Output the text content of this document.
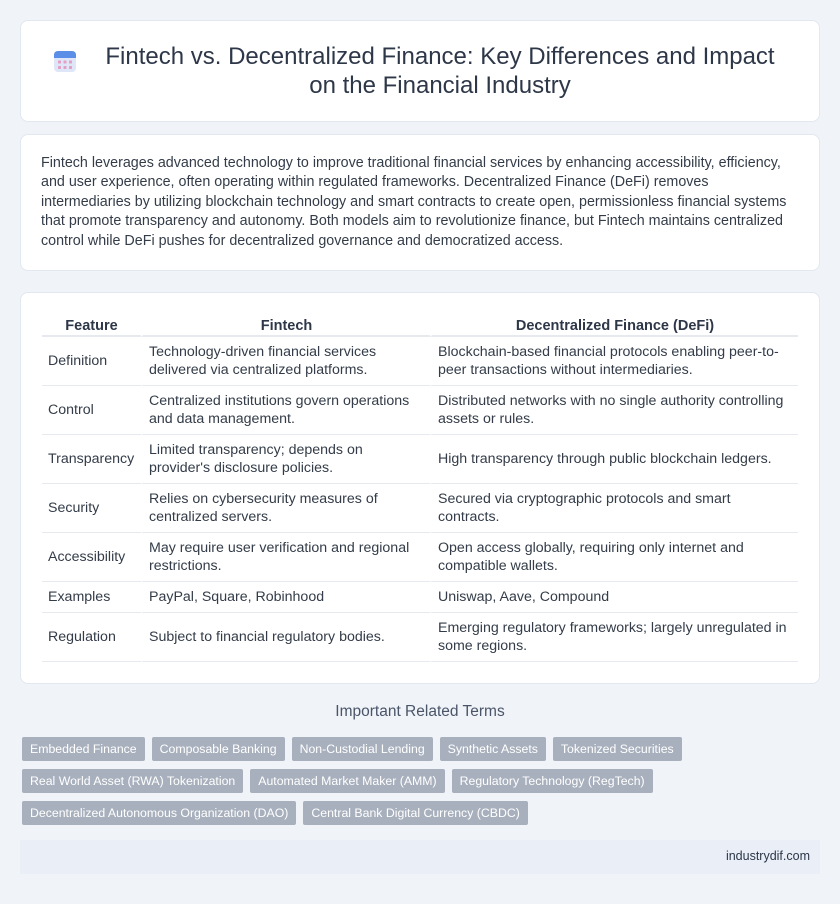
Fintech vs. Decentralized Finance: Key Differences and Impact on the Financial Industry

Fintech leverages advanced technology to improve traditional financial services by enhancing accessibility, efficiency, and user experience, often operating within regulated frameworks. Decentralized Finance (DeFi) removes intermediaries by utilizing blockchain technology and smart contracts to create open, permissionless financial systems that promote transparency and autonomy. Both models aim to revolutionize finance, but Fintech maintains centralized control while DeFi pushes for decentralized governance and democratized access.

Feature	Fintech	Decentralized Finance (DeFi)
Definition	Technology-driven financial services delivered via centralized platforms.	Blockchain-based financial protocols enabling peer-to-peer transactions without intermediaries.
Control	Centralized institutions govern operations and data management.	Distributed networks with no single authority controlling assets or rules.
Transparency	Limited transparency; depends on provider's disclosure policies.	High transparency through public blockchain ledgers.
Security	Relies on cybersecurity measures of centralized servers.	Secured via cryptographic protocols and smart contracts.
Accessibility	May require user verification and regional restrictions.	Open access globally, requiring only internet and compatible wallets.
Examples	PayPal, Square, Robinhood	Uniswap, Aave, Compound
Regulation	Subject to financial regulatory bodies.	Emerging regulatory frameworks; largely unregulated in some regions.
Important Related Terms
Embedded Finance	Composable Banking	Non-Custodial Lending	Synthetic Assets	Tokenized Securities
Real World Asset (RWA) Tokenization	Automated Market Maker (AMM)	Regulatory Technology (RegTech)
Decentralized Autonomous Organization (DAO)	Central Bank Digital Currency (CBDC)
industrydif.com
